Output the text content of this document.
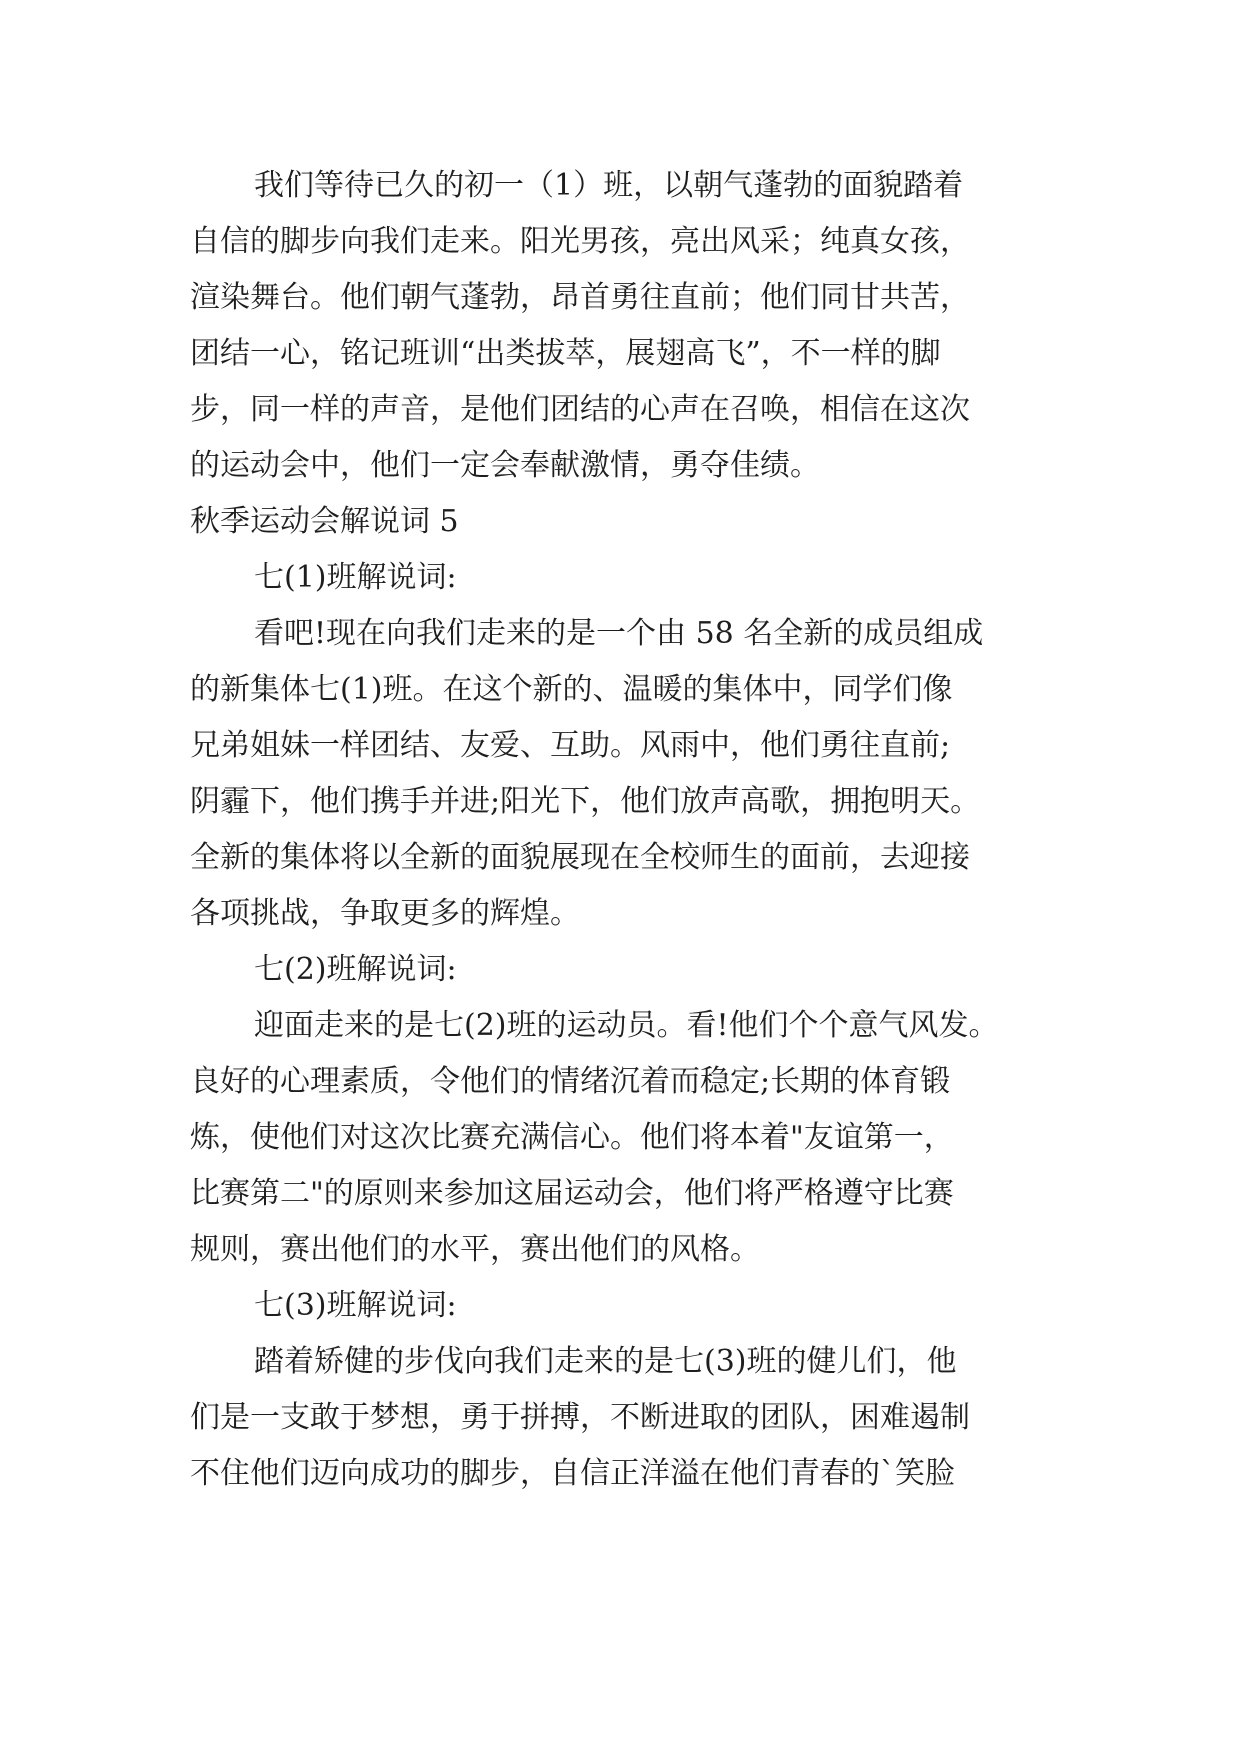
我们等待已久的初一（1）班，以朝气蓬勃的面貌踏着
自信的脚步向我们走来。阳光男孩，亮出风采；纯真女孩，
渲染舞台。他们朝气蓬勃，昂首勇往直前；他们同甘共苦，
团结一心，铭记班训“出类拔萃，展翅高飞”，不一样的脚
步，同一样的声音，是他们团结的心声在召唤，相信在这次
的运动会中，他们一定会奉献激情，勇夺佳绩。
秋季运动会解说词 5
七(1)班解说词:
看吧!现在向我们走来的是一个由 58 名全新的成员组成
的新集体七(1)班。在这个新的、温暖的集体中，同学们像
兄弟姐妹一样团结、友爱、互助。风雨中，他们勇往直前;
阴霾下，他们携手并进;阳光下，他们放声高歌，拥抱明天。
全新的集体将以全新的面貌展现在全校师生的面前，去迎接
各项挑战，争取更多的辉煌。
七(2)班解说词:
迎面走来的是七(2)班的运动员。看!他们个个意气风发。
良好的心理素质，令他们的情绪沉着而稳定;长期的体育锻
炼，使他们对这次比赛充满信心。他们将本着"友谊第一，
比赛第二"的原则来参加这届运动会，他们将严格遵守比赛
规则，赛出他们的水平，赛出他们的风格。
七(3)班解说词:
踏着矫健的步伐向我们走来的是七(3)班的健儿们，他
们是一支敢于梦想，勇于拼搏，不断进取的团队，困难遏制
不住他们迈向成功的脚步，自信正洋溢在他们青春的`笑脸
